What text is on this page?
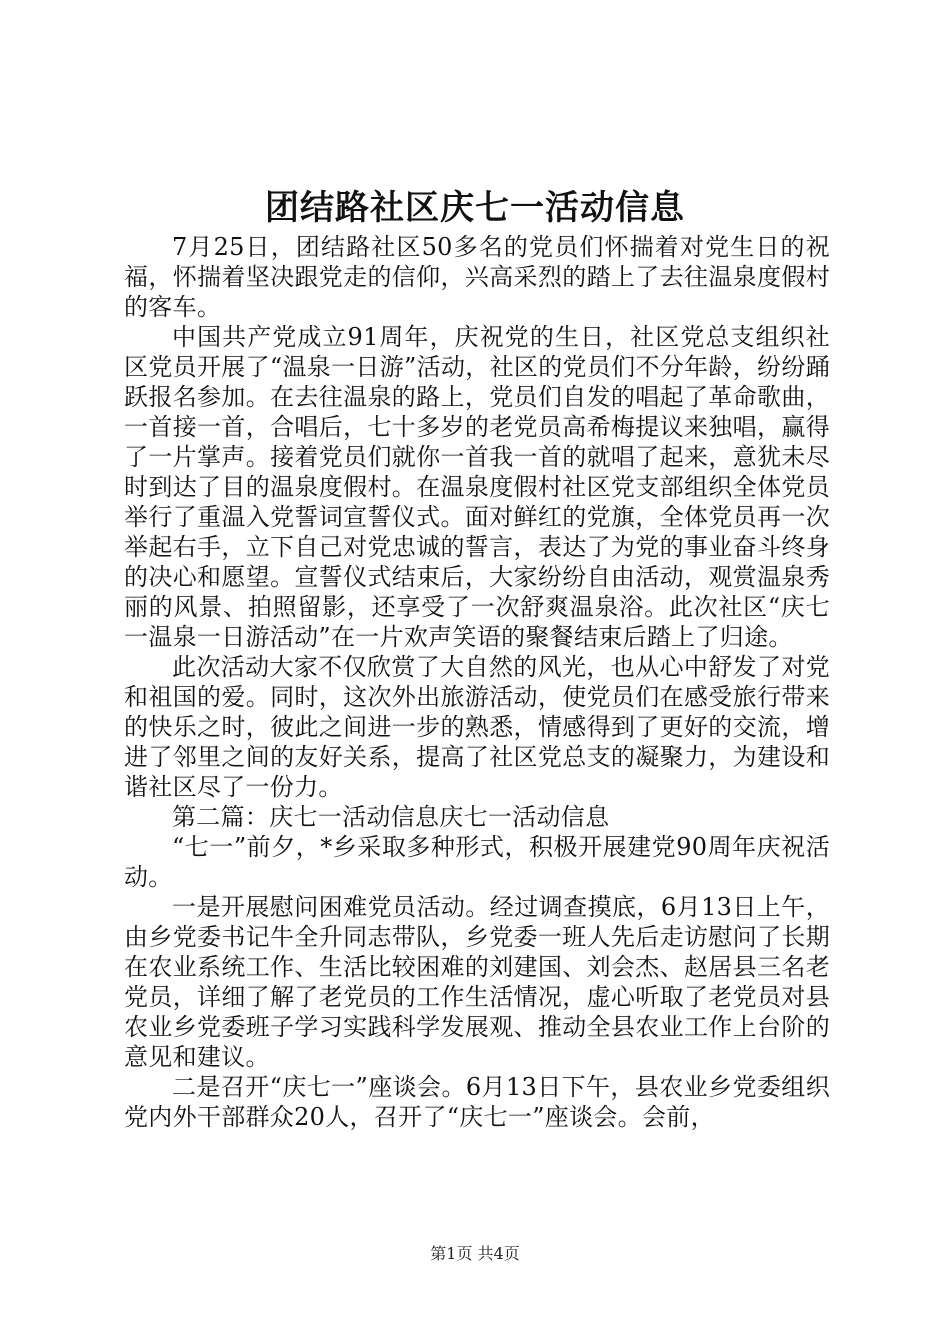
团结路社区庆七一活动信息

7月25日，团结路社区50多名的党员们怀揣着对党生日的祝福，怀揣着坚决跟党走的信仰，兴高采烈的踏上了去往温泉度假村的客车。

中国共产党成立91周年，庆祝党的生日，社区党总支组织社区党员开展了“温泉一日游”活动，社区的党员们不分年龄，纷纷踊跃报名参加。在去往温泉的路上，党员们自发的唱起了革命歌曲，一首接一首，合唱后，七十多岁的老党员高希梅提议来独唱，赢得了一片掌声。接着党员们就你一首我一首的就唱了起来，意犹未尽时到达了目的温泉度假村。在温泉度假村社区党支部组织全体党员举行了重温入党誓词宣誓仪式。面对鲜红的党旗，全体党员再一次举起右手，立下自己对党忠诚的誓言，表达了为党的事业奋斗终身的决心和愿望。宣誓仪式结束后，大家纷纷自由活动，观赏温泉秀丽的风景、拍照留影，还享受了一次舒爽温泉浴。此次社区“庆七一温泉一日游活动”在一片欢声笑语的聚餐结束后踏上了归途。

此次活动大家不仅欣赏了大自然的风光，也从心中舒发了对党和祖国的爱。同时，这次外出旅游活动，使党员们在感受旅行带来的快乐之时，彼此之间进一步的熟悉，情感得到了更好的交流，增进了邻里之间的友好关系，提高了社区党总支的凝聚力，为建设和谐社区尽了一份力。

第二篇：庆七一活动信息庆七一活动信息

“七一”前夕，*乡采取多种形式，积极开展建党90周年庆祝活动。

一是开展慰问困难党员活动。经过调查摸底，6月13日上午，由乡党委书记牛全升同志带队，乡党委一班人先后走访慰问了长期在农业系统工作、生活比较困难的刘建国、刘会杰、赵居县三名老党员，详细了解了老党员的工作生活情况，虚心听取了老党员对县农业乡党委班子学习实践科学发展观、推动全县农业工作上台阶的意见和建议。

二是召开“庆七一”座谈会。6月13日下午，县农业乡党委组织党内外干部群众20人，召开了“庆七一”座谈会。会前，

第1页 共4页
